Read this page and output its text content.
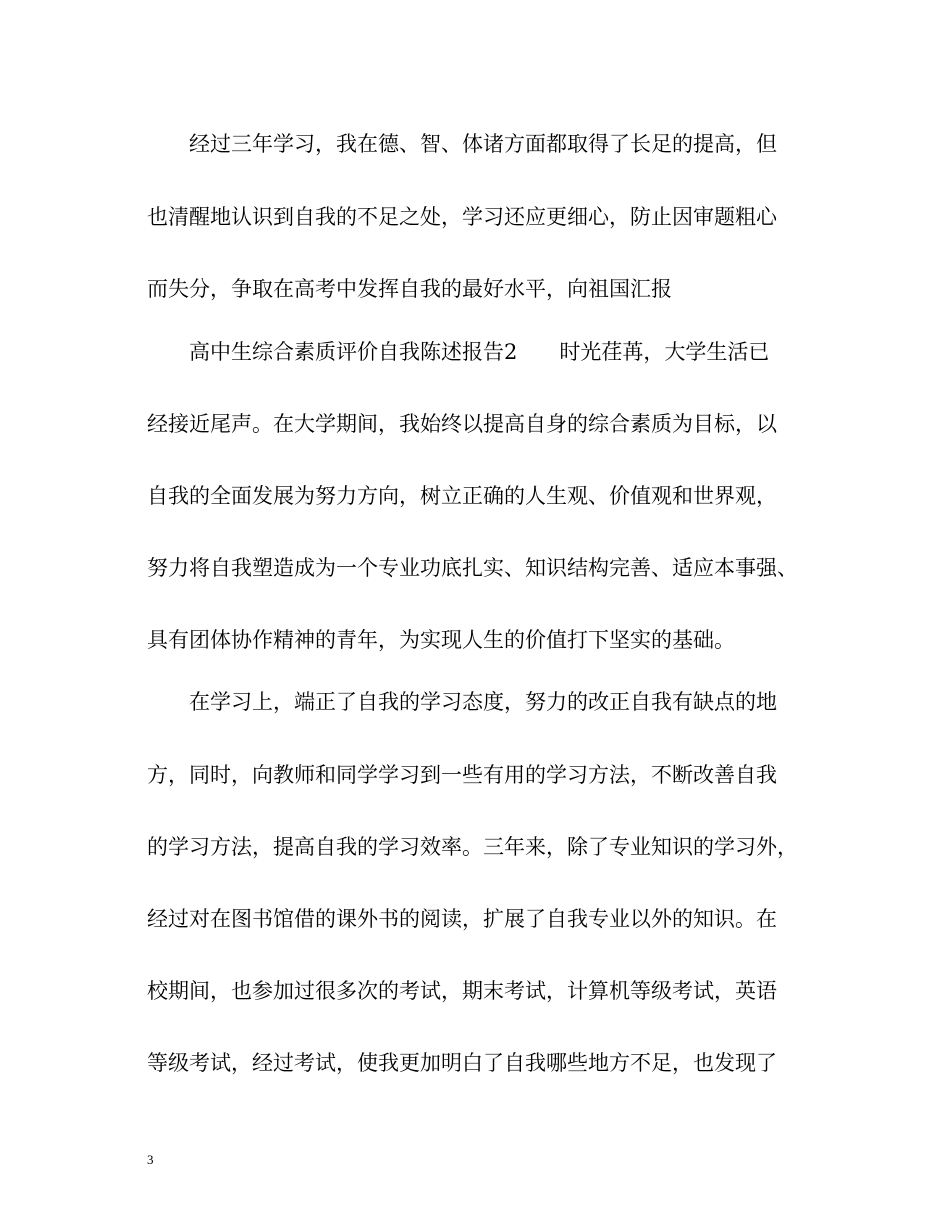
经过三年学习，我在德、智、体诸方面都取得了长足的提高，但
也清醒地认识到自我的不足之处，学习还应更细心，防止因审题粗心
而失分，争取在高考中发挥自我的最好水平，向祖国汇报
高中生综合素质评价自我陈述报告2 时光荏苒，大学生活已
经接近尾声。在大学期间，我始终以提高自身的综合素质为目标，以
自我的全面发展为努力方向，树立正确的人生观、价值观和世界观，
努力将自我塑造成为一个专业功底扎实、知识结构完善、适应本事强、
具有团体协作精神的青年，为实现人生的价值打下坚实的基础。
在学习上，端正了自我的学习态度，努力的改正自我有缺点的地
方，同时，向教师和同学学习到一些有用的学习方法，不断改善自我
的学习方法，提高自我的学习效率。三年来，除了专业知识的学习外，
经过对在图书馆借的课外书的阅读，扩展了自我专业以外的知识。在
校期间，也参加过很多次的考试，期末考试，计算机等级考试，英语
等级考试，经过考试，使我更加明白了自我哪些地方不足，也发现了
3
